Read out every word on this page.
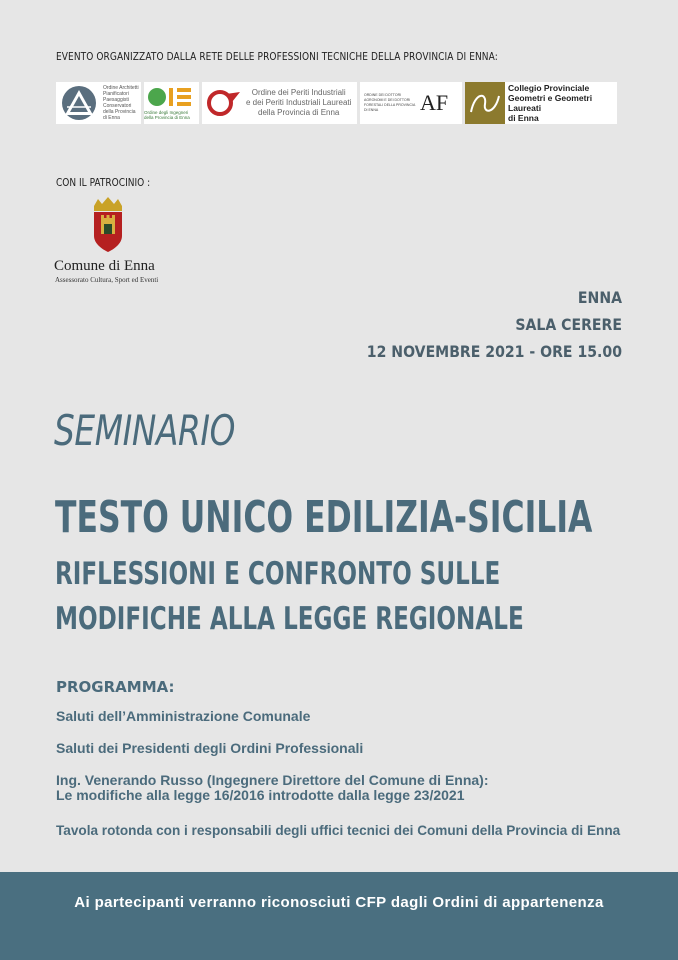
EVENTO ORGANIZZATO DALLA RETE DELLE PROFESSIONI TECNICHE DELLA PROVINCIA DI ENNA:
Ordine Architetti Pianificatori Paesaggisti Conservatori della Provincia di Enna
Ordine degli Ingegneri della Provincia di Enna
Ordine dei Periti Industriali
e dei Periti Industriali Laureati
della Provincia di Enna
ORDINE DEI DOTTORI AGRONOMI E DEI DOTTORI FORESTALI DELLA PROVINCIA DI ENNA	AF
Collegio Provinciale
Geometri e Geometri Laureati
di Enna
CON IL PATROCINIO :
Comune di Enna
Assessorato Cultura, Sport ed Eventi
ENNA
SALA CERERE
12 NOVEMBRE 2021 - ORE 15.00
SEMINARIO
TESTO UNICO EDILIZIA-SICILIA
RIFLESSIONI E CONFRONTO SULLE
MODIFICHE ALLA LEGGE REGIONALE
PROGRAMMA:
Saluti dell’Amministrazione Comunale
Saluti dei Presidenti degli Ordini Professionali
Ing. Venerando Russo (Ingegnere Direttore del Comune di Enna):
Le modifiche alla legge 16/2016 introdotte dalla legge 23/2021
Tavola rotonda con i responsabili degli uffici tecnici dei Comuni della Provincia di Enna
Ai partecipanti verranno riconosciuti CFP dagli Ordini di appartenenza
